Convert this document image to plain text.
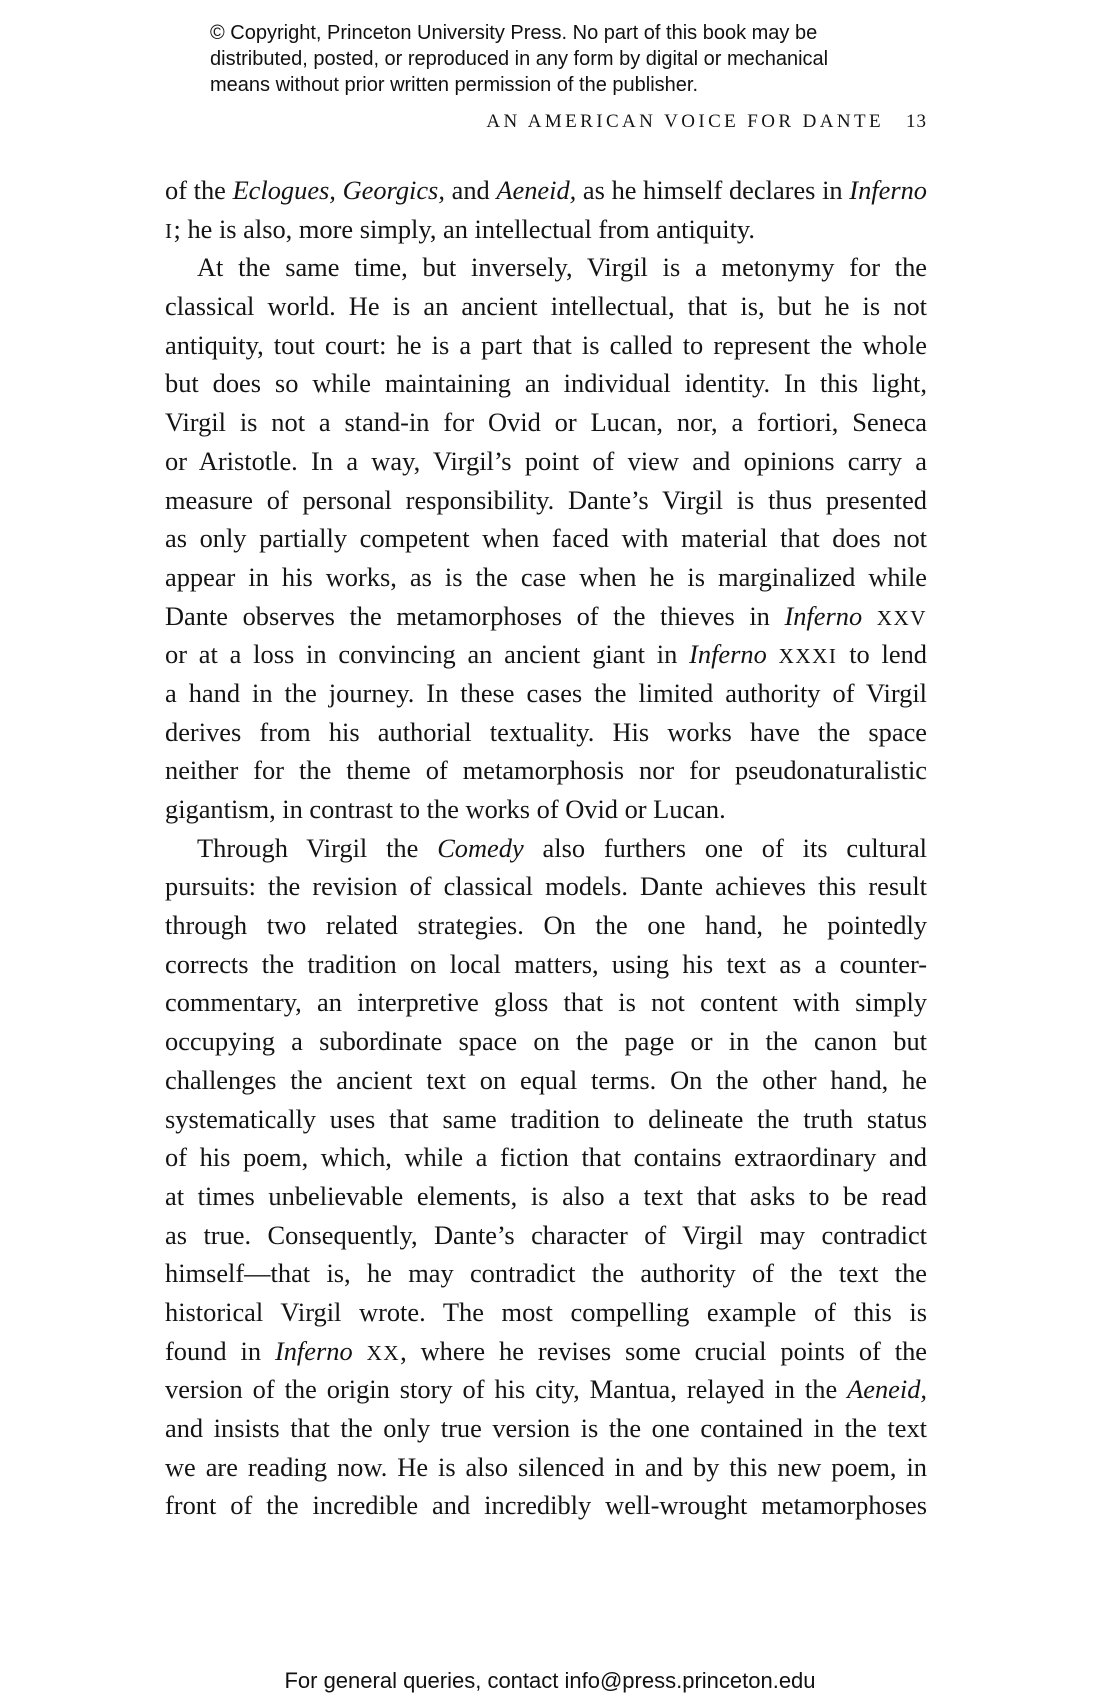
© Copyright, Princeton University Press. No part of this book may be
distributed, posted, or reproduced in any form by digital or mechanical
means without prior written permission of the publisher.
AN AMERICAN VOICE FOR DANTE 13
of the Eclogues, Georgics, and Aeneid, as he himself declares in Inferno
I; he is also, more simply, an intellectual from antiquity.
At the same time, but inversely, Virgil is a metonymy for the
classical world. He is an ancient intellectual, that is, but he is not
antiquity, tout court: he is a part that is called to represent the whole
but does so while maintaining an individual identity. In this light,
Virgil is not a stand-in for Ovid or Lucan, nor, a fortiori, Seneca
or Aristotle. In a way, Virgil’s point of view and opinions carry a
measure of personal responsibility. Dante’s Virgil is thus presented
as only partially competent when faced with material that does not
appear in his works, as is the case when he is marginalized while
Dante observes the metamorphoses of the thieves in Inferno XXV
or at a loss in convincing an ancient giant in Inferno XXXI to lend
a hand in the journey. In these cases the limited authority of Virgil
derives from his authorial textuality. His works have the space
neither for the theme of metamorphosis nor for pseudonaturalistic
gigantism, in contrast to the works of Ovid or Lucan.
Through Virgil the Comedy also furthers one of its cultural
pursuits: the revision of classical models. Dante achieves this result
through two related strategies. On the one hand, he pointedly
corrects the tradition on local matters, using his text as a counter-
commentary, an interpretive gloss that is not content with simply
occupying a subordinate space on the page or in the canon but
challenges the ancient text on equal terms. On the other hand, he
systematically uses that same tradition to delineate the truth status
of his poem, which, while a fiction that contains extraordinary and
at times unbelievable elements, is also a text that asks to be read
as true. Consequently, Dante’s character of Virgil may contradict
himself—that is, he may contradict the authority of the text the
historical Virgil wrote. The most compelling example of this is
found in Inferno XX, where he revises some crucial points of the
version of the origin story of his city, Mantua, relayed in the Aeneid,
and insists that the only true version is the one contained in the text
we are reading now. He is also silenced in and by this new poem, in
front of the incredible and incredibly well-wrought metamorphoses
For general queries, contact info@press.princeton.edu
